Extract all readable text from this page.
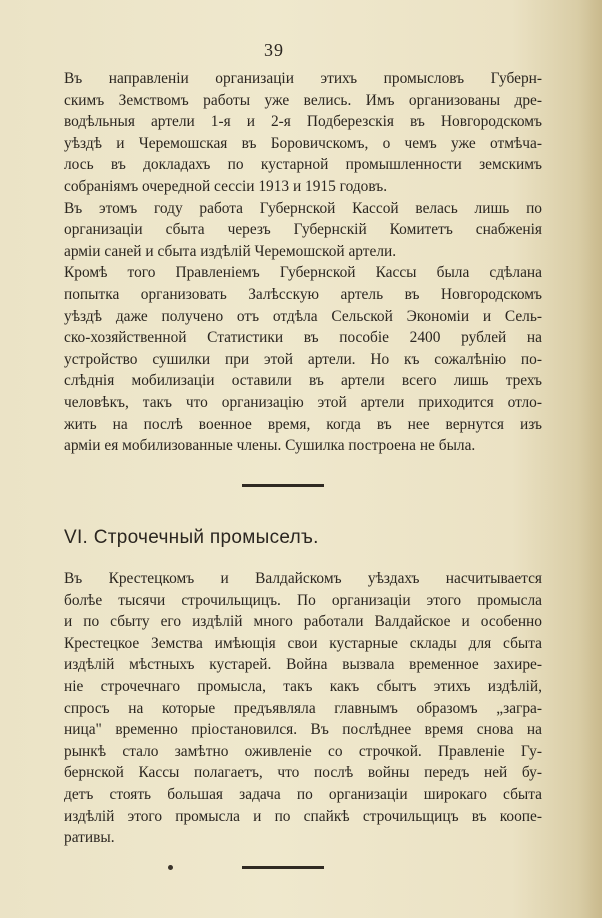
39

Въ направленіи организаціи этихъ промысловъ Губерн-
скимъ Земствомъ работы уже велись. Имъ организованы дре-
водѣльныя артели 1-я и 2-я Подберезскія въ Новгородскомъ
уѣздѣ и Черемошская въ Боровичскомъ, о чемъ уже отмѣча-
лось въ докладахъ по кустарной промышленности земскимъ
собраніямъ очередной сессіи 1913 и 1915 годовъ.

Въ этомъ году работа Губернской Кассой велась лишь по
организаціи сбыта черезъ Губернскій Комитетъ снабженія
арміи саней и сбыта издѣлій Черемошской артели.

Кромѣ того Правленіемъ Губернской Кассы была сдѣлана
попытка организовать Залѣсскую артель въ Новгородскомъ
уѣздѣ даже получено отъ отдѣла Сельской Экономіи и Сель-
ско-хозяйственной Статистики въ пособіе 2400 рублей на
устройство сушилки при этой артели. Но къ сожалѣнію по-
слѣднія мобилизаціи оставили въ артели всего лишь трехъ
человѣкъ, такъ что организацію этой артели приходится отло-
жить на послѣ военное время, когда въ нее вернутся изъ
арміи ея мобилизованные члены. Сушилка построена не была.

VI. Строчечный промыселъ.

Въ Крестецкомъ и Валдайскомъ уѣздахъ насчитывается
болѣе тысячи строчильщицъ. По организаціи этого промысла
и по сбыту его издѣлій много работали Валдайское и особенно
Крестецкое Земства имѣющія свои кустарные склады для сбыта
издѣлій мѣстныхъ кустарей. Война вызвала временное захире-
ніе строчечнаго промысла, такъ какъ сбытъ этихъ издѣлій,
спросъ на которые предъявляла главнымъ образомъ „загра-
ница" временно пріостановился. Въ послѣднее время снова на
рынкѣ стало замѣтно оживленіе со строчкой. Правленіе Гу-
бернской Кассы полагаетъ, что послѣ войны передъ ней бу-
детъ стоять большая задача по организаціи широкаго сбыта
издѣлій этого промысла и по спайкѣ строчильщицъ въ коопе-
ративы.
